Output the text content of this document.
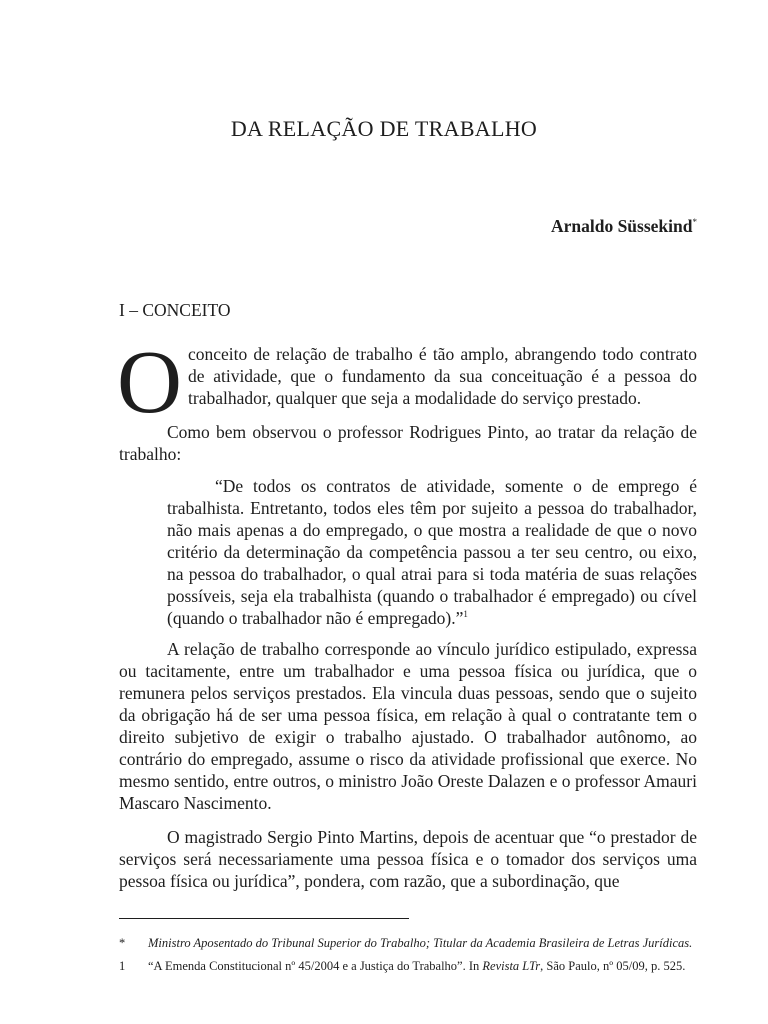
DA RELAÇÃO DE TRABALHO
Arnaldo Süssekind*
I – CONCEITO

Oconceito de relação de trabalho é tão amplo, abrangendo todo contrato de atividade, que o fundamento da sua conceituação é a pessoa do trabalhador, qualquer que seja a modalidade do serviço prestado.

Como bem observou o professor Rodrigues Pinto, ao tratar da relação de trabalho:

“De todos os contratos de atividade, somente o de emprego é trabalhista. Entretanto, todos eles têm por sujeito a pessoa do trabalhador, não mais apenas a do empregado, o que mostra a realidade de que o novo critério da determinação da competência passou a ter seu centro, ou eixo, na pessoa do trabalhador, o qual atrai para si toda matéria de suas relações possíveis, seja ela trabalhista (quando o trabalhador é empregado) ou cível (quando o trabalhador não é empregado).”$^1$

A relação de trabalho corresponde ao vínculo jurídico estipulado, expressa ou tacitamente, entre um trabalhador e uma pessoa física ou jurídica, que o remunera pelos serviços prestados. Ela vincula duas pessoas, sendo que o sujeito da obrigação há de ser uma pessoa física, em relação à qual o contratante tem o direito subjetivo de exigir o trabalho ajustado. O trabalhador autônomo, ao contrário do empregado, assume o risco da atividade profissional que exerce. No mesmo sentido, entre outros, o ministro João Oreste Dalazen e o professor Amauri Mascaro Nascimento.

O magistrado Sergio Pinto Martins, depois de acentuar que “o prestador de serviços será necessariamente uma pessoa física e o tomador dos serviços uma pessoa física ou jurídica”, pondera, com razão, que a subordinação, que

* Ministro Aposentado do Tribunal Superior do Trabalho; Titular da Academia Brasileira de Letras Jurídicas.
1 “A Emenda Constitucional nº 45/2004 e a Justiça do Trabalho”. In Revista LTr, São Paulo, nº 05/09, p. 525.
